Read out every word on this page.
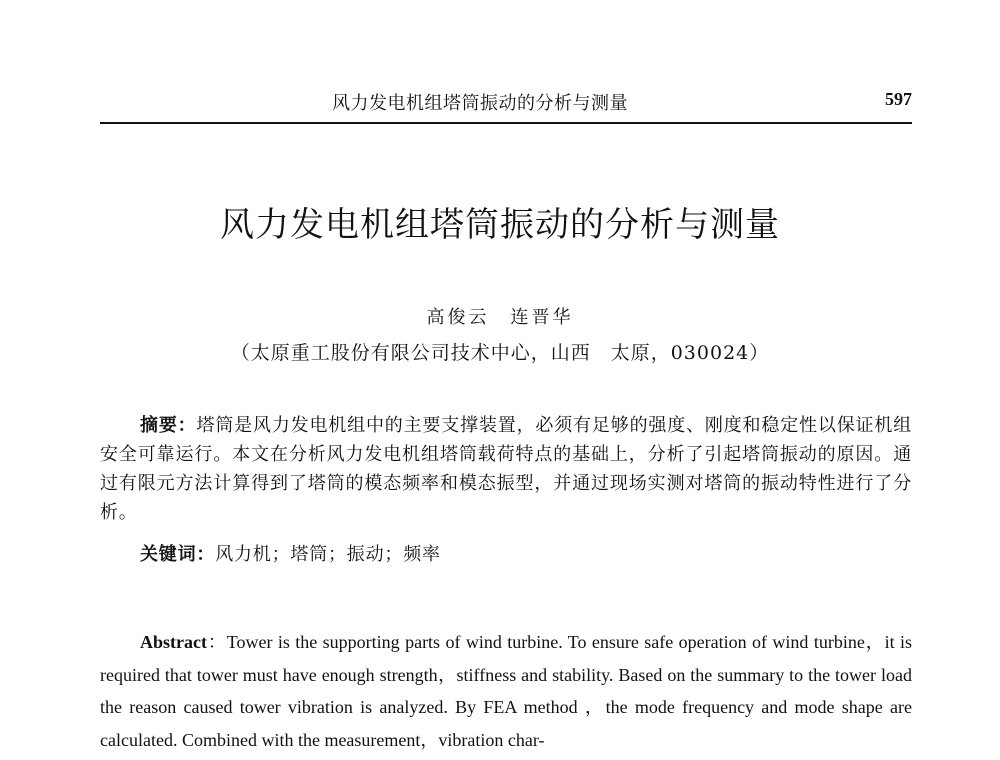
风力发电机组塔筒振动的分析与测量	597
风力发电机组塔筒振动的分析与测量
高俊云　连晋华
（太原重工股份有限公司技术中心，山西　太原，030024）
摘要：塔筒是风力发电机组中的主要支撑装置，必须有足够的强度、刚度和稳定性以保证机组安全可靠运行。本文在分析风力发电机组塔筒载荷特点的基础上，分析了引起塔筒振动的原因。通过有限元方法计算得到了塔筒的模态频率和模态振型，并通过现场实测对塔筒的振动特性进行了分析。
关键词：风力机；塔筒；振动；频率
Abstract：Tower is the supporting parts of wind turbine. To ensure safe operation of wind turbine，it is required that tower must have enough strength，stiffness and stability. Based on the summary to the tower load the reason caused tower vibration is analyzed. By FEA method ，the mode frequency and mode shape are calculated. Combined with the measurement，vibration char-
